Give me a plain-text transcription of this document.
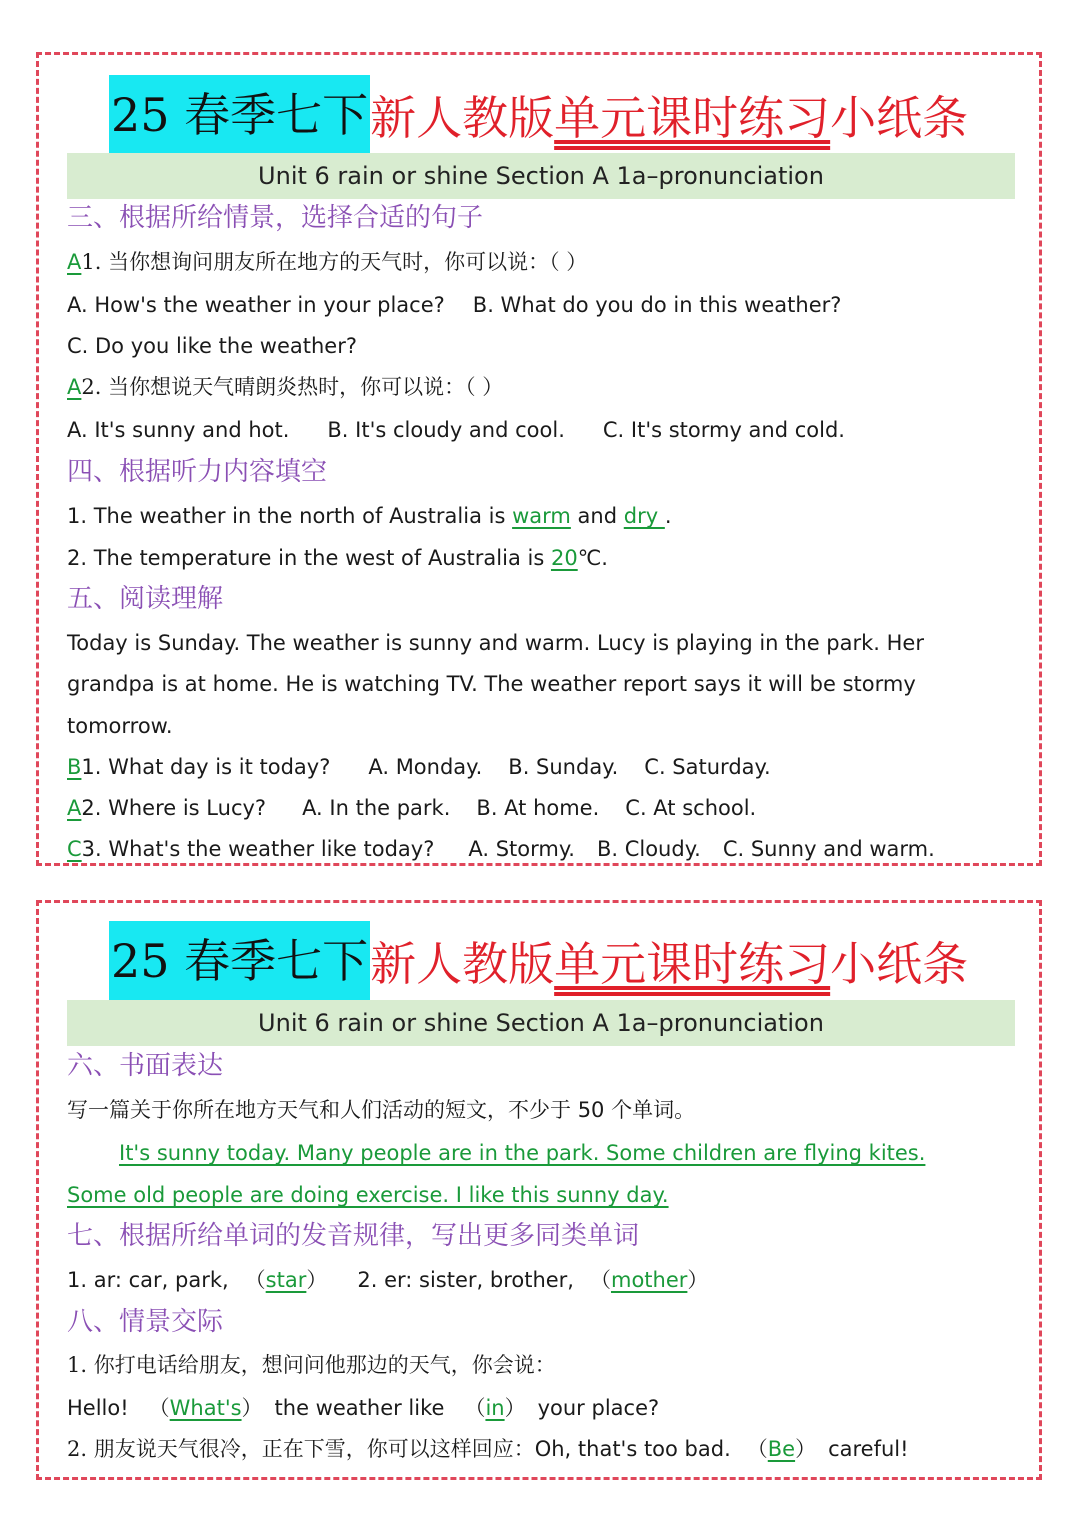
25 春季七下 新人教版单元课时练习小纸条
Unit 6 rain or shine Section A 1a–pronunciation
三、根据所给情景，选择合适的句子
A1. 当你想询问朋友所在地方的天气时，你可以说：（ ）
A. How's the weather in your place? B. What do you do in this weather?
C. Do you like the weather?
A2. 当你想说天气晴朗炎热时，你可以说：（ ）
A. It's sunny and hot. B. It's cloudy and cool. C. It's stormy and cold.
四、根据听力内容填空
1. The weather in the north of Australia is warm and dry .
2. The temperature in the west of Australia is 20℃.
五、阅读理解
Today is Sunday. The weather is sunny and warm. Lucy is playing in the park. Her
grandpa is at home. He is watching TV. The weather report says it will be stormy
tomorrow.
B1. What day is it today? A. Monday. B. Sunday. C. Saturday.
A2. Where is Lucy? A. In the park. B. At home. C. At school.
C3. What's the weather like today? A. Stormy. B. Cloudy. C. Sunny and warm.
25 春季七下 新人教版单元课时练习小纸条
Unit 6 rain or shine Section A 1a–pronunciation
六、书面表达
写一篇关于你所在地方天气和人们活动的短文，不少于 50 个单词。
It's sunny today. Many people are in the park. Some children are flying kites.
Some old people are doing exercise. I like this sunny day.
七、根据所给单词的发音规律，写出更多同类单词
1. ar: car, park, （star） 2. er: sister, brother, （mother）
八、情景交际
1. 你打电话给朋友，想问问他那边的天气，你会说：
Hello! （What's） the weather like （in） your place?
2. 朋友说天气很冷，正在下雪，你可以这样回应：Oh, that's too bad. （Be） careful!
